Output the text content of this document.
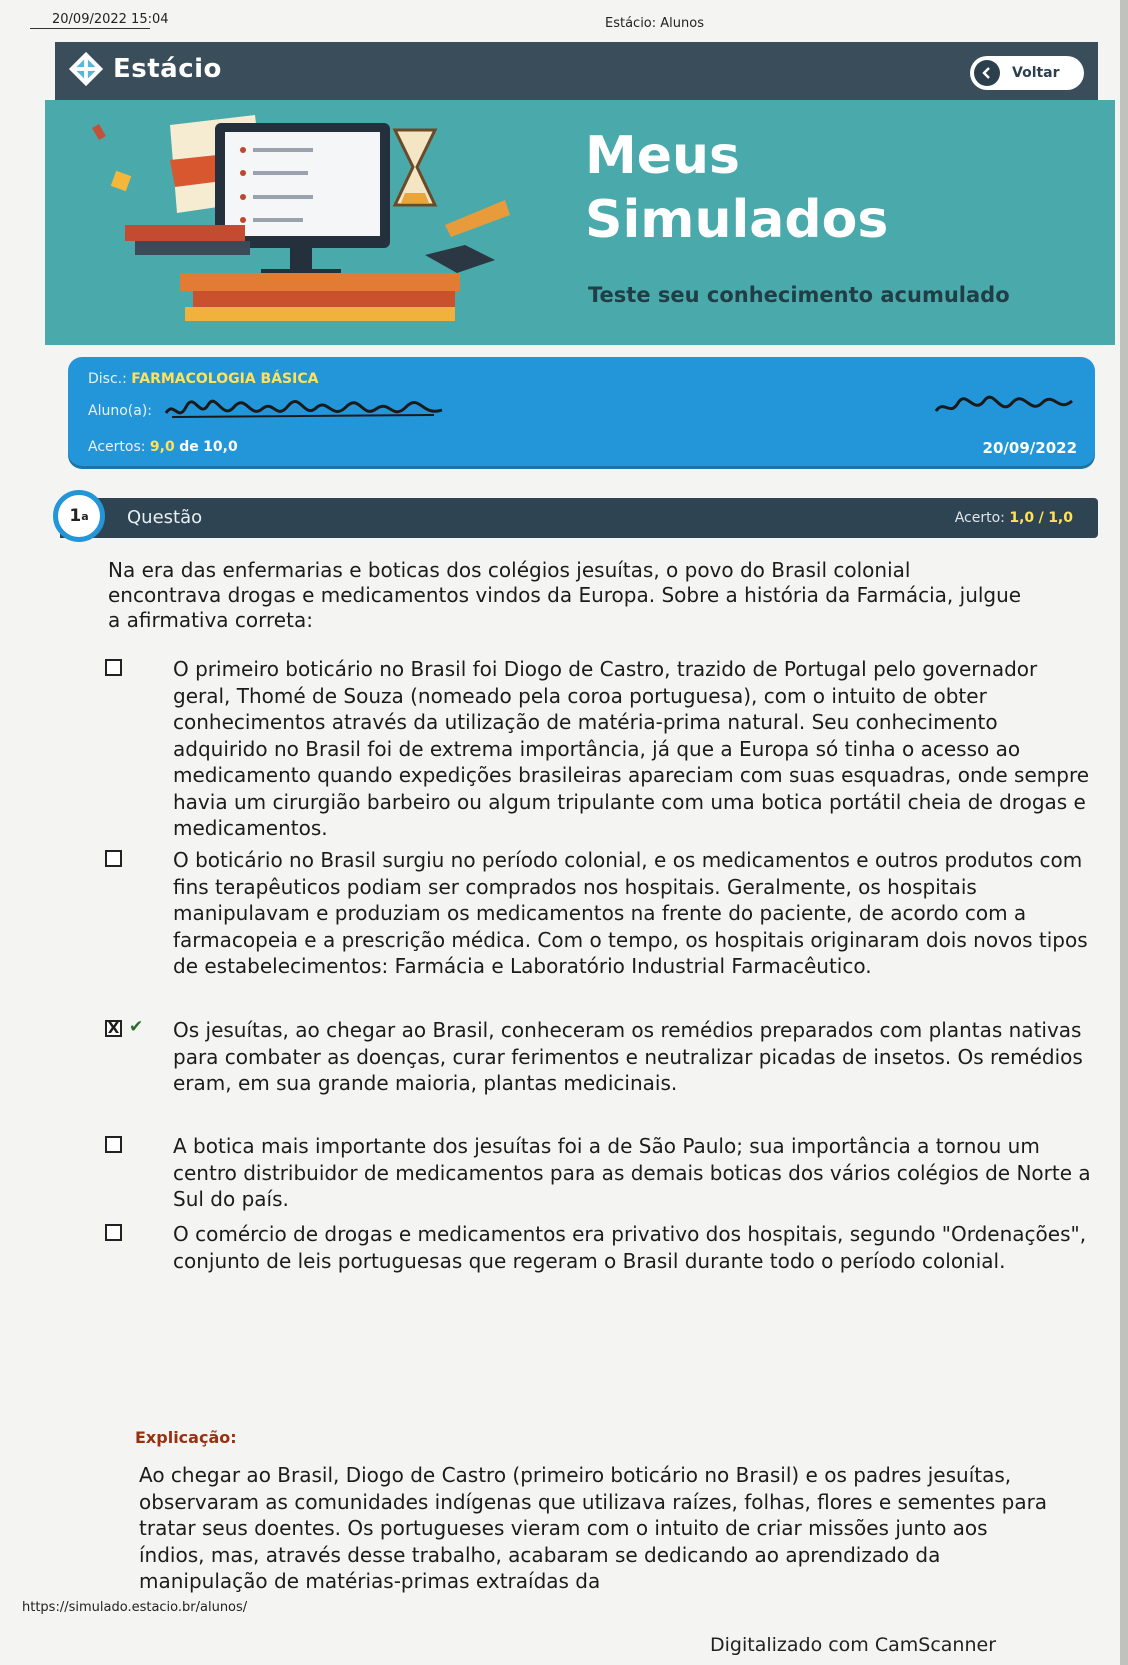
20/09/2022 15:04	Estácio: Alunos
Estácio	Voltar
Meus
Simulados
Teste seu conhecimento acumulado
Disc.: FARMACOLOGIA BÁSICA
Aluno(a):
Acertos: 9,0 de 10,0	20/09/2022
1 a Questão	Acerto: 1,0 / 1,0
Na era das enfermarias e boticas dos colégios jesuítas, o povo do Brasil colonial encontrava drogas e medicamentos vindos da Europa. Sobre a história da Farmácia, julgue a afirmativa correta:
O primeiro boticário no Brasil foi Diogo de Castro, trazido de Portugal pelo governador geral, Thomé de Souza (nomeado pela coroa portuguesa), com o intuito de obter conhecimentos através da utilização de matéria-prima natural. Seu conhecimento adquirido no Brasil foi de extrema importância, já que a Europa só tinha o acesso ao medicamento quando expedições brasileiras apareciam com suas esquadras, onde sempre havia um cirurgião barbeiro ou algum tripulante com uma botica portátil cheia de drogas e medicamentos.
O boticário no Brasil surgiu no período colonial, e os medicamentos e outros produtos com fins terapêuticos podiam ser comprados nos hospitais. Geralmente, os hospitais manipulavam e produziam os medicamentos na frente do paciente, de acordo com a farmacopeia e a prescrição médica. Com o tempo, os hospitais originaram dois novos tipos de estabelecimentos: Farmácia e Laboratório Industrial Farmacêutico.
X ✔ Os jesuítas, ao chegar ao Brasil, conheceram os remédios preparados com plantas nativas para combater as doenças, curar ferimentos e neutralizar picadas de insetos. Os remédios eram, em sua grande maioria, plantas medicinais.
A botica mais importante dos jesuítas foi a de São Paulo; sua importância a tornou um centro distribuidor de medicamentos para as demais boticas dos vários colégios de Norte a Sul do país.
O comércio de drogas e medicamentos era privativo dos hospitais, segundo "Ordenações", conjunto de leis portuguesas que regeram o Brasil durante todo o período colonial.
Explicação:
Ao chegar ao Brasil, Diogo de Castro (primeiro boticário no Brasil) e os padres jesuítas, observaram as comunidades indígenas que utilizava raízes, folhas, flores e sementes para tratar seus doentes. Os portugueses vieram com o intuito de criar missões junto aos índios, mas, através desse trabalho, acabaram se dedicando ao aprendizado da manipulação de matérias-primas extraídas da
https://simulado.estacio.br/alunos/
Digitalizado com CamScanner
